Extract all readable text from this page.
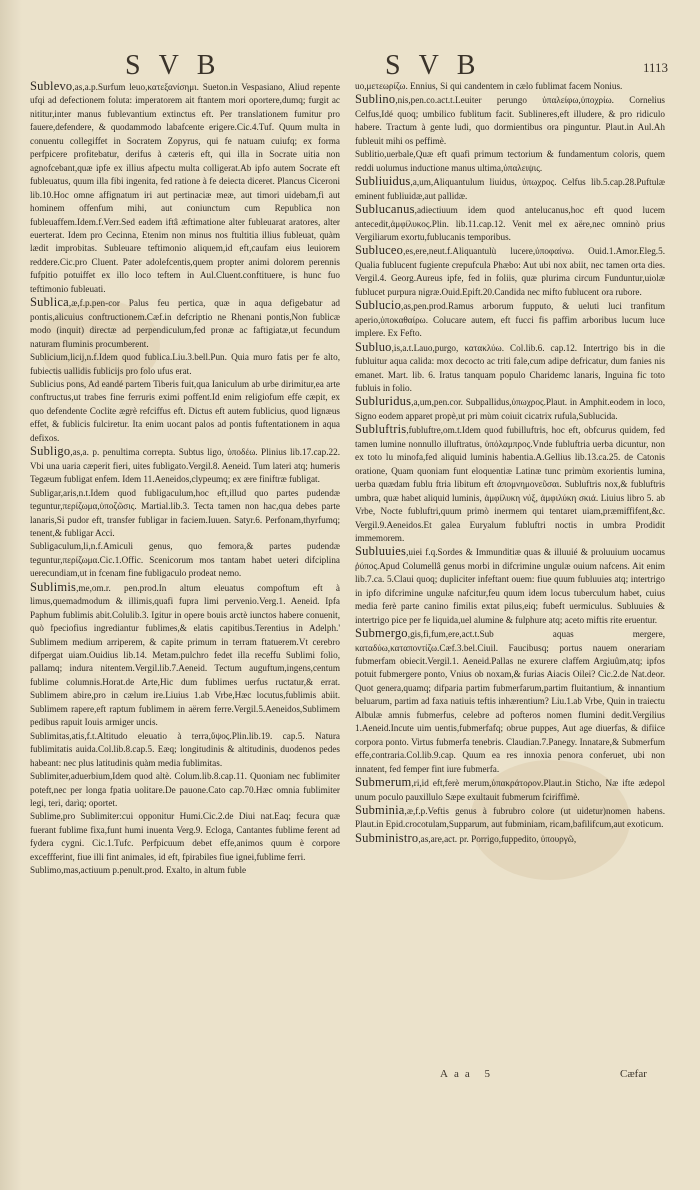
SVB	SVB	1113
Sublevo

,as,a.p.Surfum leuo,κατεξανίσημι. Sueton.in Vespasiano, Aliud repente ufqi ad defectionem foluta: imperatorem ait ftantem mori oportere,dumq; furgit ac nititur,inter manus fublevantium extinctus eft. Per translationem fumitur pro fauere,defendere, & quodammodo labafcente erigere.Cic.4.Tuf. Quum multa in conuentu collegiffet in Socratem Zopyrus, qui fe natuam cuiufq; ex forma perfpicere profitebatur, derifus à cæteris eft, qui illa in Socrate uitia non agnofcebant,quæ ipfe ex illius afpectu multa colligerat.Ab ipfo autem Socrate eft fubleuatus, quum illa fibi ingenita, fed ratione à fe deiecta diceret. Plancus Ciceroni lib.10.Hoc omne affignatum iri aut pertinaciæ meæ, aut timori uidebam,fi aut hominem offenfum mihi, aut coniunctum cum Republica non fubleuaffem.Idem.f.Verr.Sed eadem iftâ æftimatione alter fubleuarat aratores, alter euerterat. Idem pro Cecinna, Etenim non minus nos ftultitia illius fubleuat, quàm lædit improbitas. Subleuare teftimonio aliquem,id eft,caufam eius leuiorem reddere.Cic.pro Cluent. Pater adolefcentis,quem propter animi dolorem perennis fufpitio potuiffet ex illo loco teftem in Aul.Cluent.conftituere, is hunc fuo teftimonio fubleuati.

Sublica

,æ,f.p.pen-cor Palus feu pertica, quæ in aqua defigebatur ad pontis,alicuius conftructionem.Cæf.in defcriptio ne Rhenani pontis,Non fublicæ modo (inquit) directæ ad perpendiculum,fed pronæ ac faftigiatæ,ut fecundum naturam fluminis procumberent.

Sublicium,licij,n.f.Idem quod fublica.Liu.3.bell.Pun. Quia muro fatis per fe alto, fubiectis uallidis fublicijs pro folo ufus erat.

Sublicius pons, Ad eandé partem Tiberis fuit,qua Ianiculum ab urbe dirimitur,ea arte conftructus,ut trabes fine ferruris eximi poffent.Id enim religiofum effe cæpit, ex quo defendente Coclite ægrè refciffus eft. Dictus eft autem fublicius, quod lignæus effet, & fublicis fulciretur. Ita enim uocant palos ad pontis fuftentationem in aqua defixos.

Subligo

,as,a. p. penultima correpta. Subtus ligo, ὑποδέω. Plinius lib.17.cap.22. Vbi una uaria cæperit fieri, uites fubligato.Vergil.8. Aeneid. Tum lateri atq; humeris Tegæum fubligat enfem. Idem 11.Aeneidos,clypeumq; ex ære finiftræ fubligat.

Subligar,aris,n.t.Idem quod fubligaculum,hoc eft,illud quo partes pudendæ teguntur,περίζωμα,ὑποζῶσις. Martial.lib.3. Tecta tamen non hac,qua debes parte lanaris,Si pudor eft, transfer fubligar in faciem.Iuuen. Satyr.6. Perfonam,thyrfumq; tenent,& fubligar Acci.

Subligaculum,li,n.f.Amiculi genus, quo femora,& partes pudendæ teguntur,περίζωμα.Cic.1.Offic. Scenicorum mos tantam habet ueteri difciplina uerecundiam,ut in fcenam fine fubligaculo prodeat nemo.

Sublimis

,me,om.r. pen.prod.In altum eleuatus compoftum eft à limus,quemadmodum & illimis,quafi fupra limi pervenio.Verg.1. Aeneid. Ipfa Paphum fublimis abit.Colulib.3. Igitur in opere bouis arctè iunctos habere conuenit, quò fpeciofius ingrediantur fublimes,& elatis capitibus.Terentius in Adelph.' Sublimem medium arriperem, & capite primum in terram ftatuerem.Vt cerebro difpergat uiam.Ouidius lib.14. Metam.pulchro fedet illa receffu Sublimi folio, pallamq; indura nitentem.Vergil.lib.7.Aeneid. Tectum auguftum,ingens,centum fublime columnis.Horat.de Arte,Hic dum fublimes uerfus ructatur,& errat. Sublimem abire,pro in cælum ire.Liuius 1.ab Vrbe,Hæc locutus,fublimis abiit. Sublimem rapere,eft raptum fublimem in aërem ferre.Vergil.5.Aeneidos,Sublimem pedibus rapuit Iouis armiger uncis.

Sublimitas,atis,f.t.Altitudo eleuatio à terra,ὕψος.Plin.lib.19. cap.5. Natura fublimitatis auida.Col.lib.8.cap.5. Eæq; longitudinis & altitudinis, duodenos pedes habeant: nec plus latitudinis quàm media fublimitas.

Sublimiter,aduerbium,Idem quod altè. Colum.lib.8.cap.11. Quoniam nec fublimiter poteft,nec per longa fpatia uolitare.De pauone.Cato cap.70.Hæc omnia fublimiter legi, teri, darìq; oportet.

Sublime,pro Sublimiter:cui opponitur Humi.Cic.2.de Diui nat.Eaq; fecura quæ fuerant fublime fixa,funt humi inuenta Verg.9. Ecloga, Cantantes fublime ferent ad fydera cygni. Cic.1.Tufc. Perfpicuum debet effe,animos quum è corpore exceffferint, fiue illi fint animales, id eft, fpirabiles fiue ignei,fublime ferri.

Sublimo,mas,actiuum p.penult.prod. Exalto, in altum fuble

uo,μετεωρίζω. Ennius, Si qui candentem in cælo fublimat facem Nonius.

Sublino

,nis,pen.co.act.t.Leuiter perungo ὑπαλείφω,ὑποχρίω. Cornelius Celfus,Idé quoq; umbilico fublitum facit. Sublineres,eft illudere, & pro ridiculo habere. Tractum à gente ludi, quo dormientibus ora pinguntur. Plaut.in Aul.Ah fubleuit mihi os peffimè.

Sublitio,uerbale,Quæ eft quafi primum tectorium & fundamentum coloris, quem reddi uolumus inductione manus ultima,ὑπαλειψις.

Subliuidus

,a,um,Aliquantulum liuidus, ὑπωχρος. Celfus lib.5.cap.28.Puftulæ eminent fubliuidæ,aut pallidæ.

Sublucanus

,adiectiuum idem quod antelucanus,hoc eft quod lucem antecedit,ἀμφίλυκος.Plin. lib.11.cap.12. Venit mel ex aëre,nec omninò prius Vergiliarum exortu,fublucanis temporibus.

Subluceo

,es,ere,neut.f.Aliquantulù lucere,ὑποφαίνω. Ouid.1.Amor.Eleg.5. Qualia fublucent fugiente crepufcula Phæbo: Aut ubi nox abiit, nec tamen orta dies. Vergil.4. Georg.Aureus ipfe, fed in foliis, quæ plurima circum Funduntur,uiolæ fublucet purpura nigræ.Ouid.Epift.20.Candida nec mifto fublucent ora rubore.

Sublucio

,as,pen.prod.Ramus arborum fupputo, & ueluti luci tranfitum aperio,ὑποκαθαίρω. Colucare autem, eft fucci fis paffim arboribus lucum luce implere. Ex Fefto.

Subluo

,is,a.t.Lauo,purgo, κατακλύω. Col.lib.6. cap.12. Intertrigo bis in die fubluitur aqua calida: mox decocto ac triti fale,cum adipe defricatur, dum fanies nis emanet. Mart. lib. 6. Iratus tanquam populo Charidemc lanaris, Inguina fic toto fubluis in folio.

Subluridus

,a,um,pen.cor. Subpallidus,ὑπωχρος.Plaut. in Amphit.eodem in loco, Signo eodem apparet propè,ut pri mùm coiuit cicatrix rufula,Sublucida.

Subluftris

,fubluftre,om.t.Idem quod fubilluftris, hoc eft, obfcurus quidem, fed tamen lumine nonnullo illuftratus, ὑπόλαμπρος.Vnde fubluftria uerba dicuntur, non ex toto lu minofa,fed aliquid luminis habentia.A.Gellius lib.13.ca.25. de Catonis oratione, Quam quoniam funt eloquentiæ Latinæ tunc primùm exorientis lumina, uerba quædam fublu ftria libitum eft ἀπομνημονεῦσαι. Subluftris nox,& fubluftris umbra, quæ habet aliquid luminis, ἀμφίλυκη νύξ, ἀμφιλύκη σκιά. Liuius libro 5. ab Vrbe, Nocte fubluftri,quum primò inermem qui tentaret uiam,præmiffifent,&c. Vergil.9.Aeneidos.Et galea Euryalum fubluftri noctis in umbra Prodidit immemorem.

Subluuies

,uiei f.q.Sordes & Immunditiæ quas & illuuié & proluuium uocamus ῥύπος.Apud Columellâ genus morbi in difcrimine ungulæ ouium nafcens. Ait enim lib.7.ca. 5.Claui quoq; dupliciter infeftant ouem: fiue quum fubluuies atq; intertrigo in ipfo difcrimine ungulæ nafcitur,feu quum idem locus tuberculum habet, cuius media ferè parte canino fimilis extat pilus,eiq; fubeft uermiculus. Subluuies & intertrigo pice per fe liquida,uel alumine & fulphure atq; aceto miftis rite eruentur.

Submergo

,gis,fi,fum,ere,act.t.Sub aquas mergere, καταδύω,καταποντίζω.Cæf.3.bel.Ciuil. Faucibusq; portus nauem onerariam fubmerfam obiecit.Vergil.1. Aeneid.Pallas ne exurere claffem Argiuûm,atq; ipfos potuit fubmergere ponto, Vnius ob noxam,& furias Aiacis Oilei? Cic.2.de Nat.deor. Quot genera,quamq; difparia partim fubmerfarum,partim fluitantium, & innantium beluarum, partim ad faxa natiuis teftis inhærentium? Liu.1.ab Vrbe, Quin in traiectu Albulæ amnis fubmerfus, celebre ad pofteros nomen flumini dedit.Vergilius 1.Aeneid.Incute uim uentis,fubmerfafq; obrue puppes, Aut age diuerfas, & difiice corpora ponto. Virtus fubmerfa tenebris. Claudian.7.Panegy. Innatare,& Submerfum effe,contraria.Col.lib.9.cap. Quum ea res innoxia penora conferuet, ubi non innatent, fed femper fint iure fubmerfa.

Submerum

,ri,id eft,ferè merum,ὑπακράτορον.Plaut.in Sticho, Næ ifte ædepol unum poculo pauxillulo Sæpe exultauit fubmerum fciriffimè.

Subminia

,æ,f.p.Veftis genus à fubrubro colore (ut uidetur)nomen habens. Plaut.in Epid.crocotulam,Supparum, aut fubminiam, ricam,bafilifcum,aut exoticum.

Subministro

,as,are,act. pr. Porrigo,fuppedito, ὑπουργῶ,

Aaa 5	Cæfar
